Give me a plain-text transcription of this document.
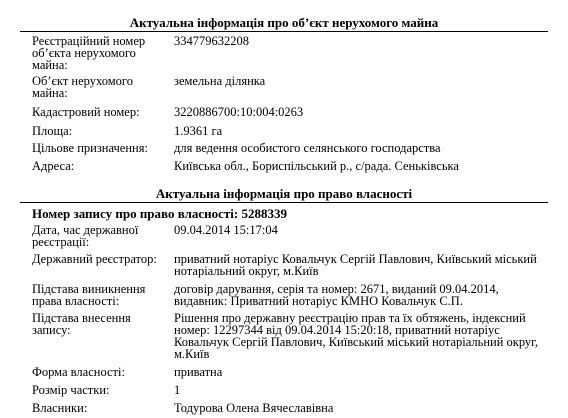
Актуальна інформація про об’єкт нерухомого майна
Реєстраційний номер об’єкта нерухомого майна:
334779632208
Об’єкт нерухомого майна:
земельна ділянка
Кадастровий номер:	3220886700:10:004:0263
Площа:	1.9361 га
Цільове призначення:	для ведення особистого селянського господарства
Адреса:	Київська обл., Бориспільський р., с/рада. Сеньківська
Актуальна інформація про право власності
Номер запису про право власності: 5288339
Дата, час державної реєстрації:
09.04.2014 15:17:04
Державний реєстратор:	приватний нотаріус Ковальчук Сергій Павлович, Київський міський нотаріальний округ, м.Київ
Підстава виникнення права власності:
договір дарування, серія та номер: 2671, виданий 09.04.2014, видавник: Приватний нотаріус КМНО Ковальчук С.П.
Підстава внесення запису:
Рішення про державну реєстрацію прав та їх обтяжень, індексний номер: 12297344 від 09.04.2014 15:20:18, приватний нотаріус Ковальчук Сергій Павлович, Київський міський нотаріальний округ, м.Київ
Форма власності:	приватна
Розмір частки:	1
Власники:	Тодурова Олена Вячеславівна
